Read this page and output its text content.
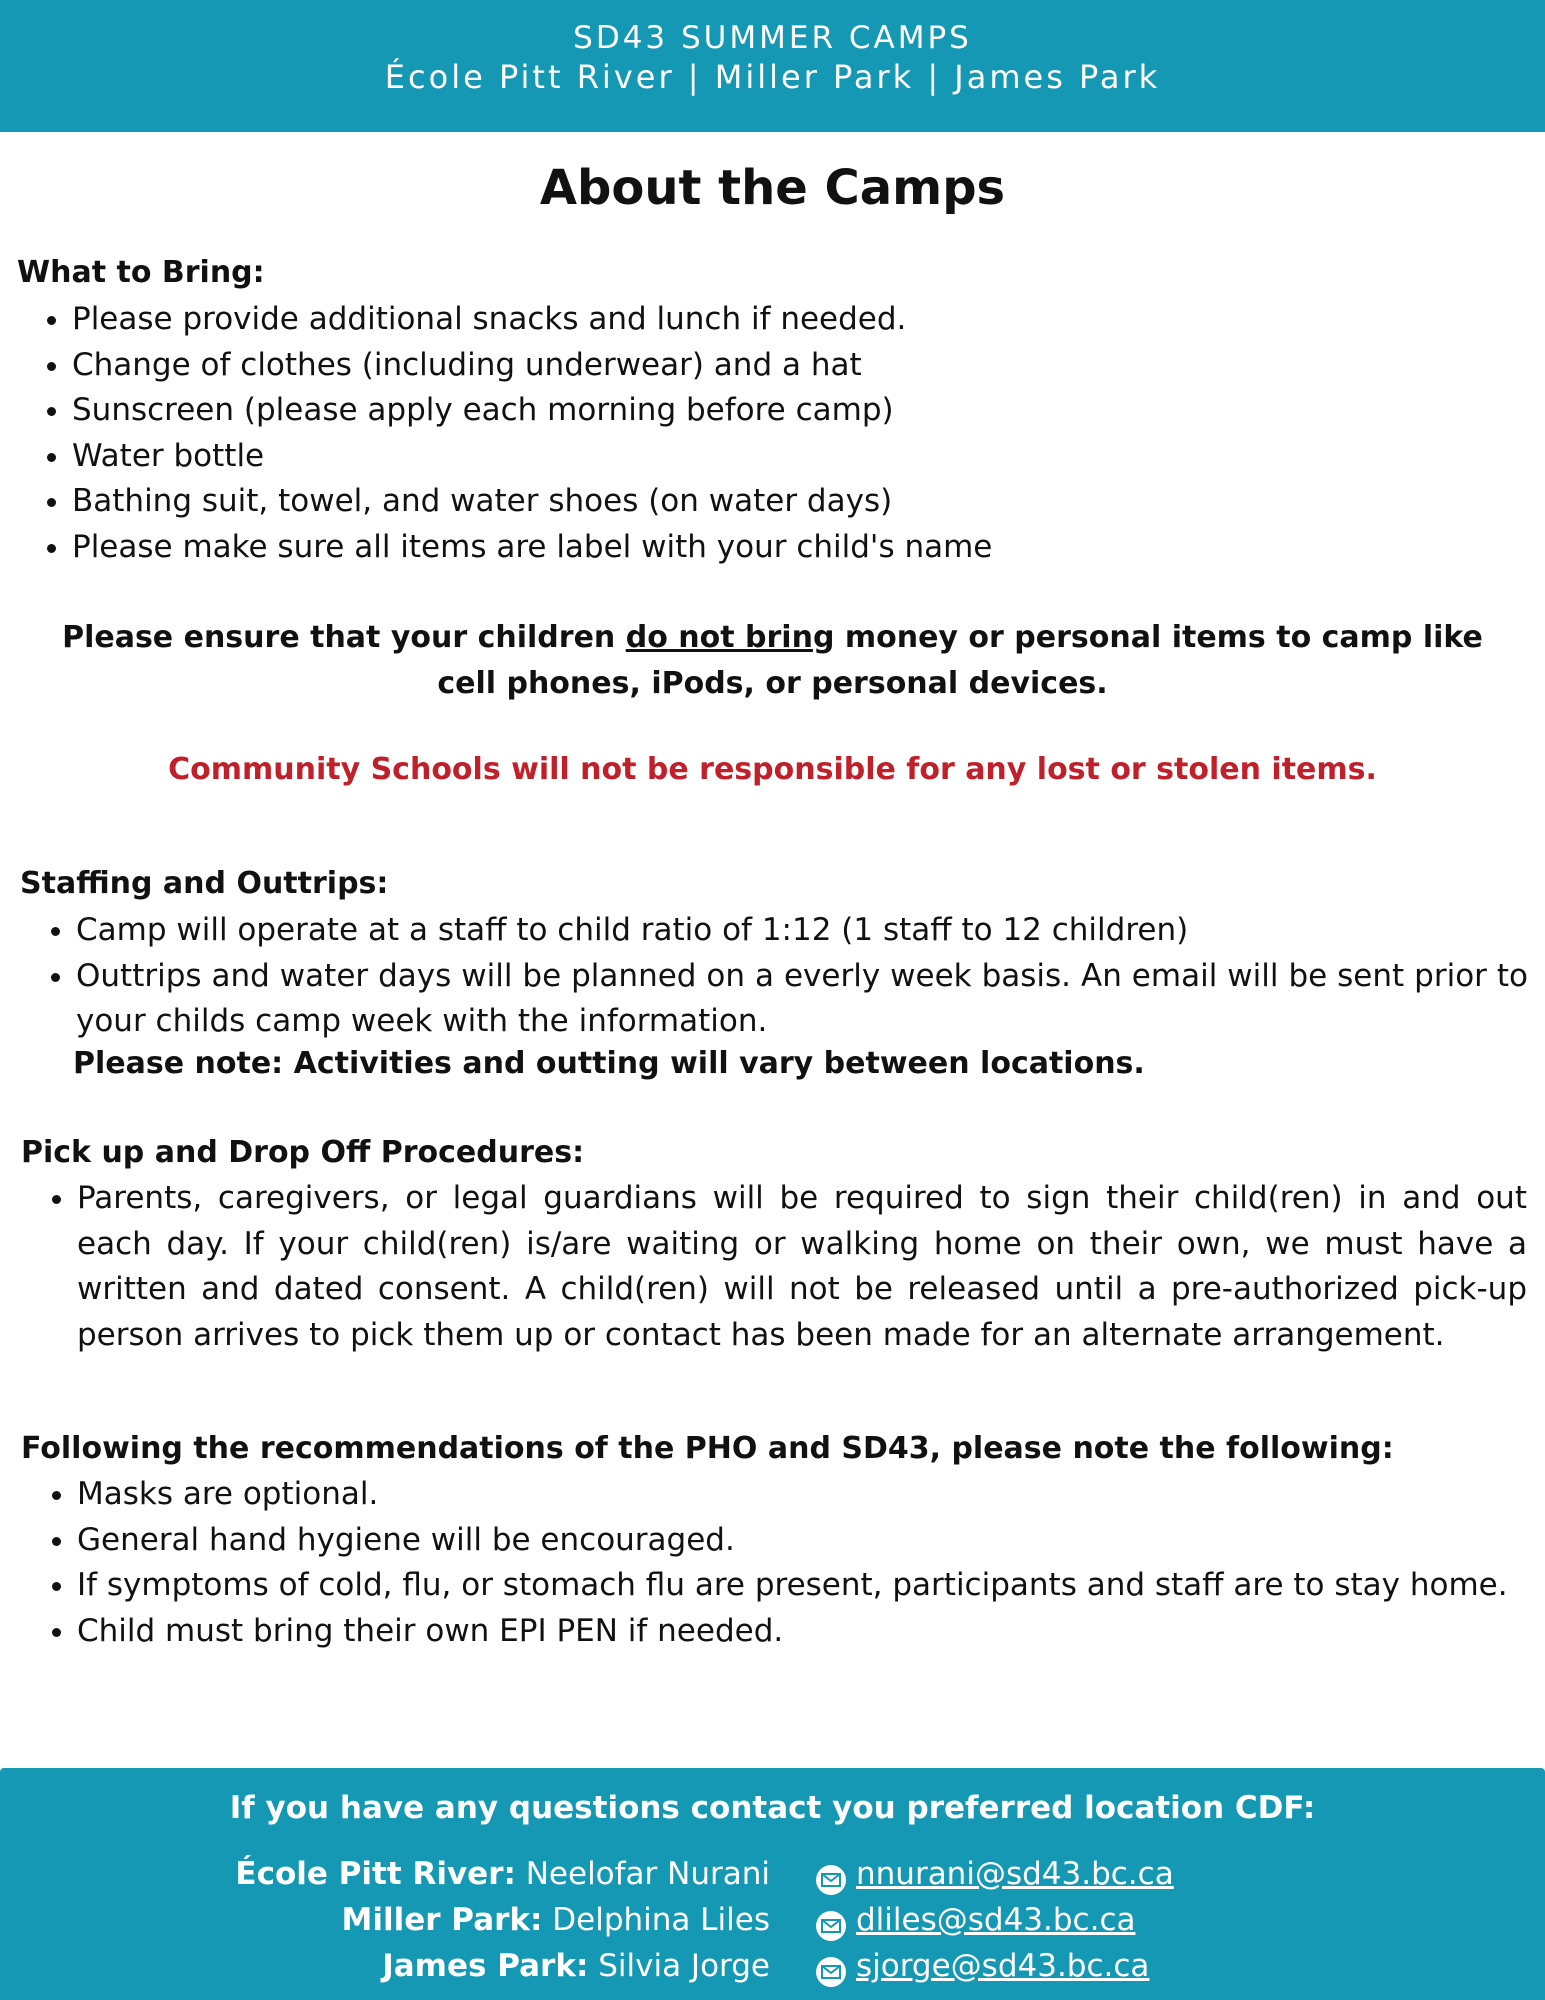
SD43 SUMMER CAMPS
École Pitt River | Miller Park | James Park
About the Camps
What to Bring:
• Please provide additional snacks and lunch if needed.
• Change of clothes (including underwear) and a hat
• Sunscreen (please apply each morning before camp)
• Water bottle
• Bathing suit, towel, and water shoes (on water days)
• Please make sure all items are label with your child's name
Please ensure that your children do not bring money or personal items to camp like cell phones, iPods, or personal devices.
Community Schools will not be responsible for any lost or stolen items.
Staffing and Outtrips:
• Camp will operate at a staff to child ratio of 1:12 (1 staff to 12 children)
• Outtrips and water days will be planned on a everly week basis. An email will be sent prior to your childs camp week with the information.
Please note: Activities and outting will vary between locations.
Pick up and Drop Off Procedures:
• Parents, caregivers, or legal guardians will be required to sign their child(ren) in and out each day. If your child(ren) is/are waiting or walking home on their own, we must have a written and dated consent. A child(ren) will not be released until a pre-authorized pick-up person arrives to pick them up or contact has been made for an alternate arrangement.
Following the recommendations of the PHO and SD43, please note the following:
• Masks are optional.
• General hand hygiene will be encouraged.
• If symptoms of cold, flu, or stomach flu are present, participants and staff are to stay home.
• Child must bring their own EPI PEN if needed.
If you have any questions contact you preferred location CDF:
École Pitt River: Neelofar Nurani	nnurani@sd43.bc.ca
Miller Park: Delphina Liles	dliles@sd43.bc.ca
James Park: Silvia Jorge	sjorge@sd43.bc.ca
